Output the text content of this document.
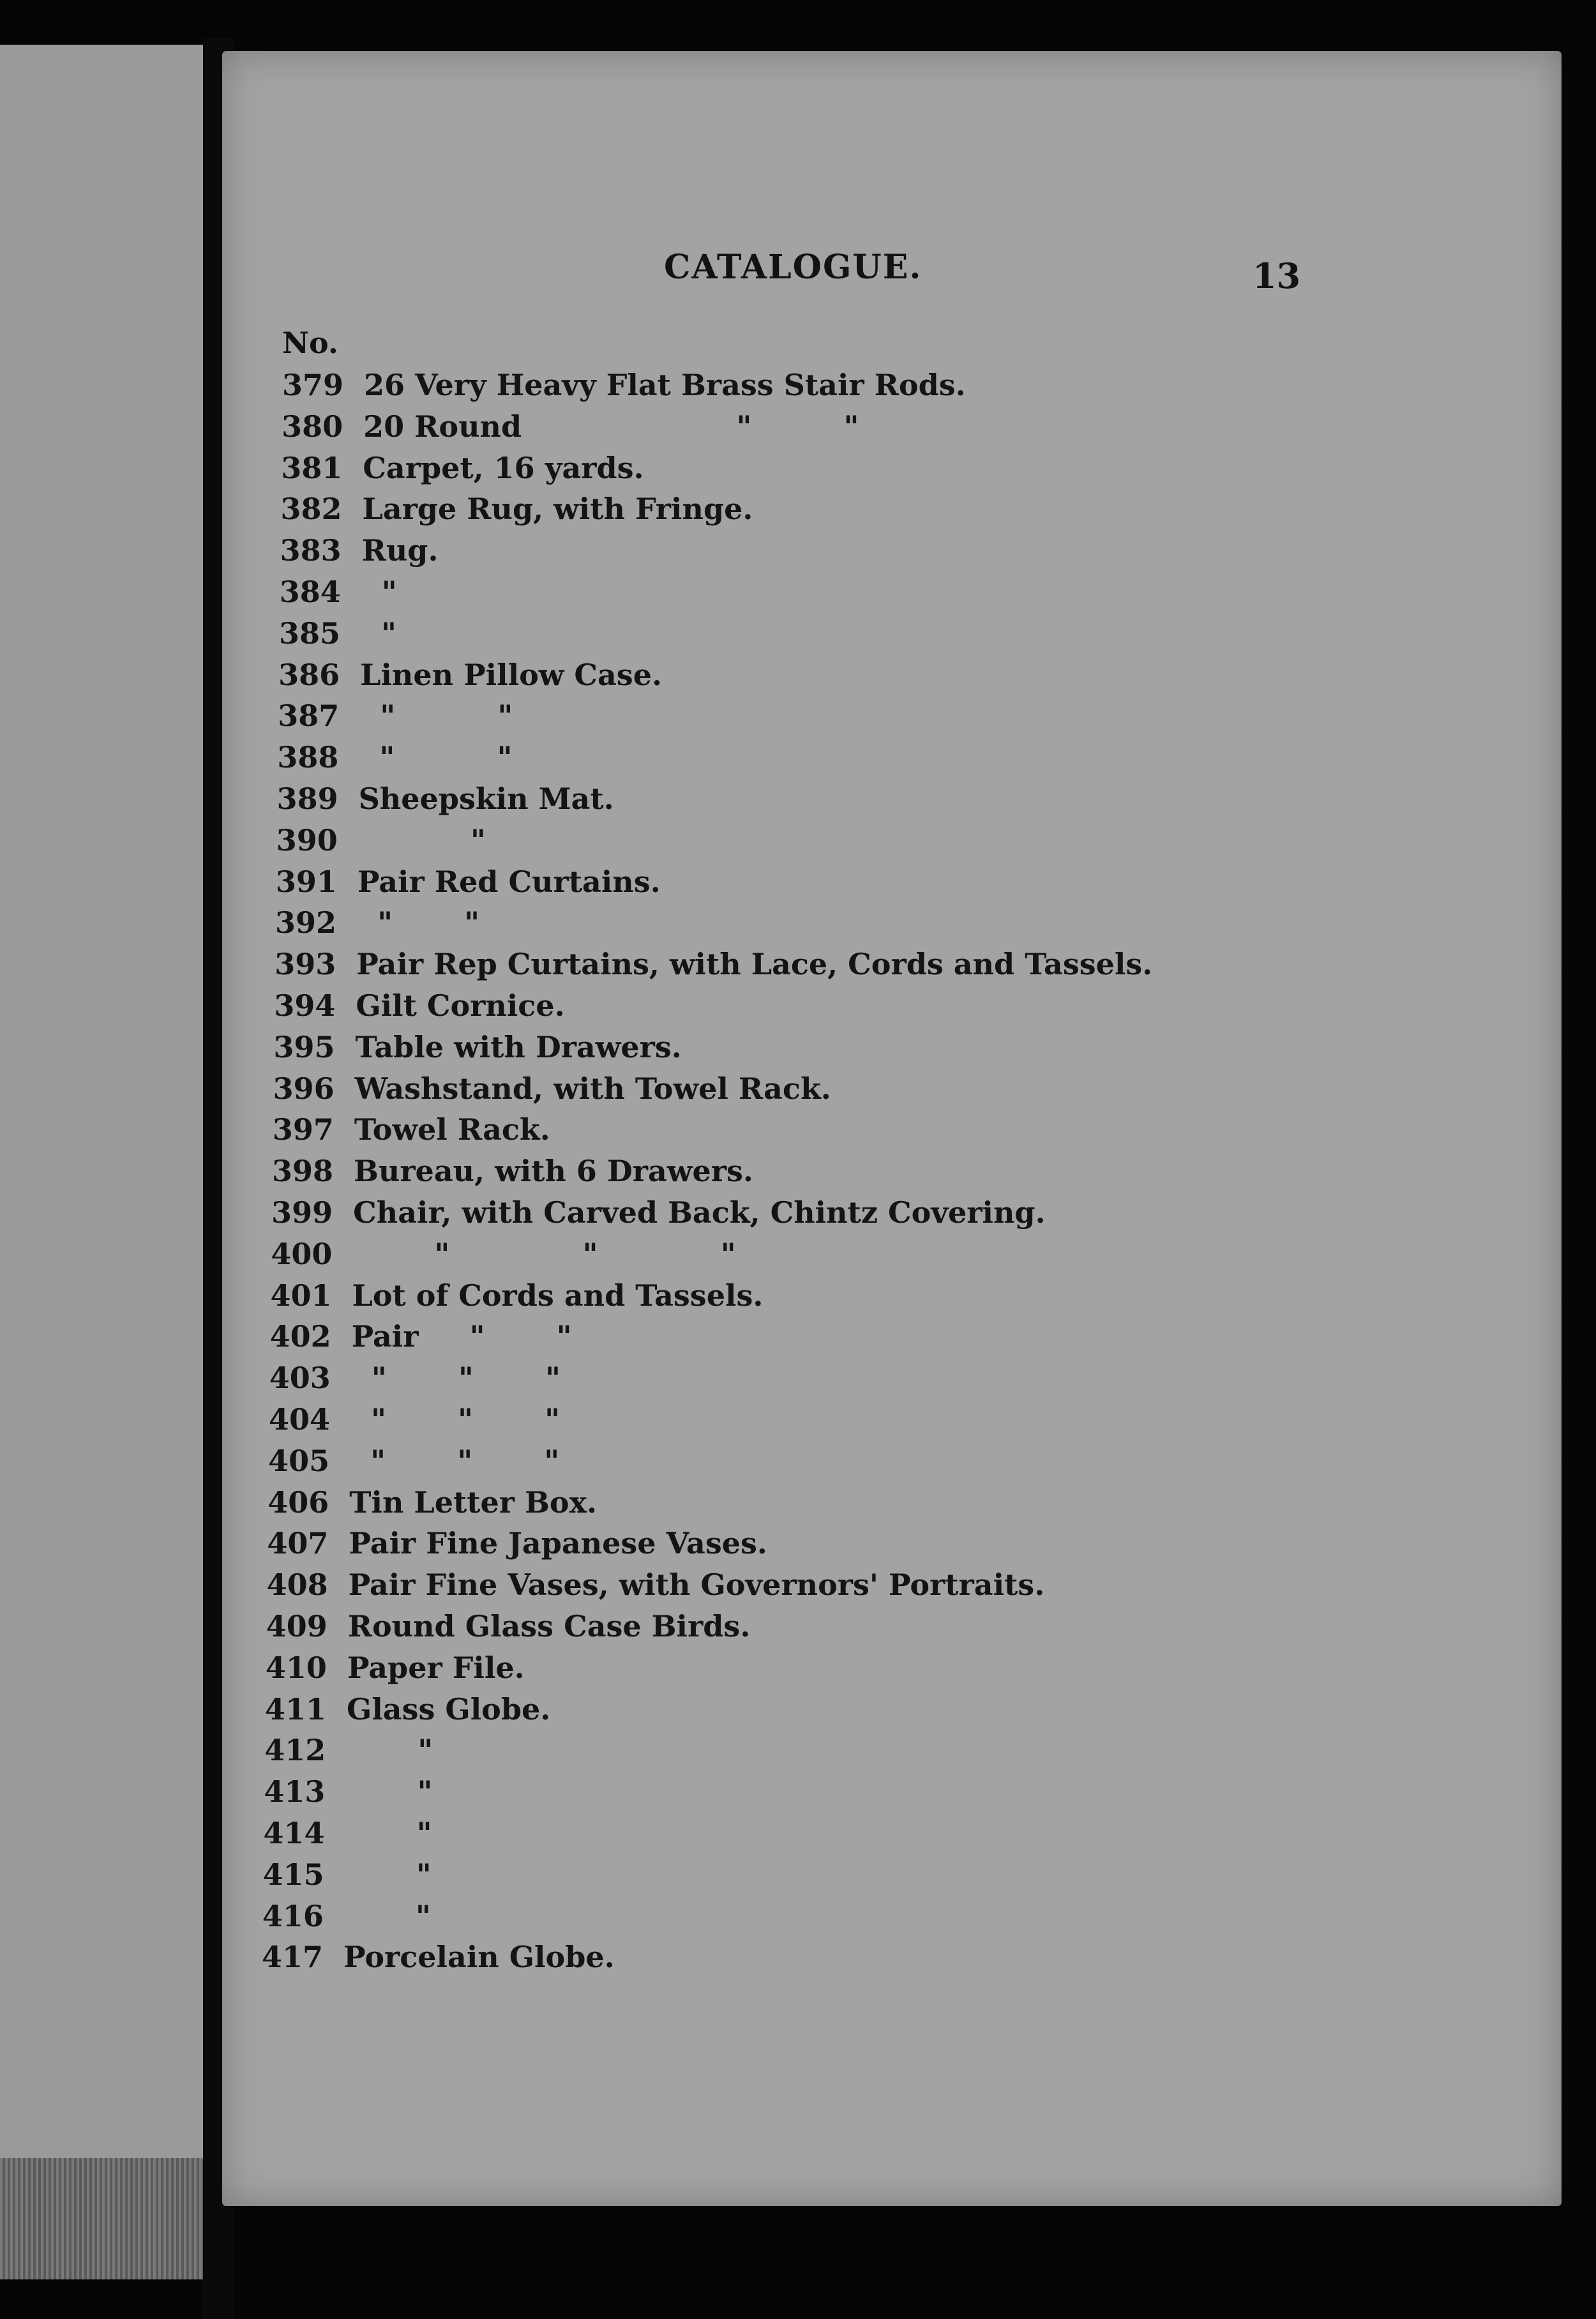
CATALOGUE.	13
No.
379 26 Very Heavy Flat Brass Stair Rods.
380 20 Round                     "         "
381 Carpet, 16 yards.
382 Large Rug, with Fringe.
383 Rug.
384 "
385 "
386 Linen Pillow Case.
387 "          "
388 "          "
389 Sheepskin Mat.
390 "
391 Pair Red Curtains.
392 "       "
393 Pair Rep Curtains, with Lace, Cords and Tassels.
394 Gilt Cornice.
395 Table with Drawers.
396 Washstand, with Towel Rack.
397 Towel Rack.
398 Bureau, with 6 Drawers.
399 Chair, with Carved Back, Chintz Covering.
400 "             "            "
401 Lot of Cords and Tassels.
402 Pair     "       "
403 "       "       "
404 "       "       "
405 "       "       "
406 Tin Letter Box.
407 Pair Fine Japanese Vases.
408 Pair Fine Vases, with Governors' Portraits.
409 Round Glass Case Birds.
410 Paper File.
411 Glass Globe.
412 "
413 "
414 "
415 "
416 "
417 Porcelain Globe.
